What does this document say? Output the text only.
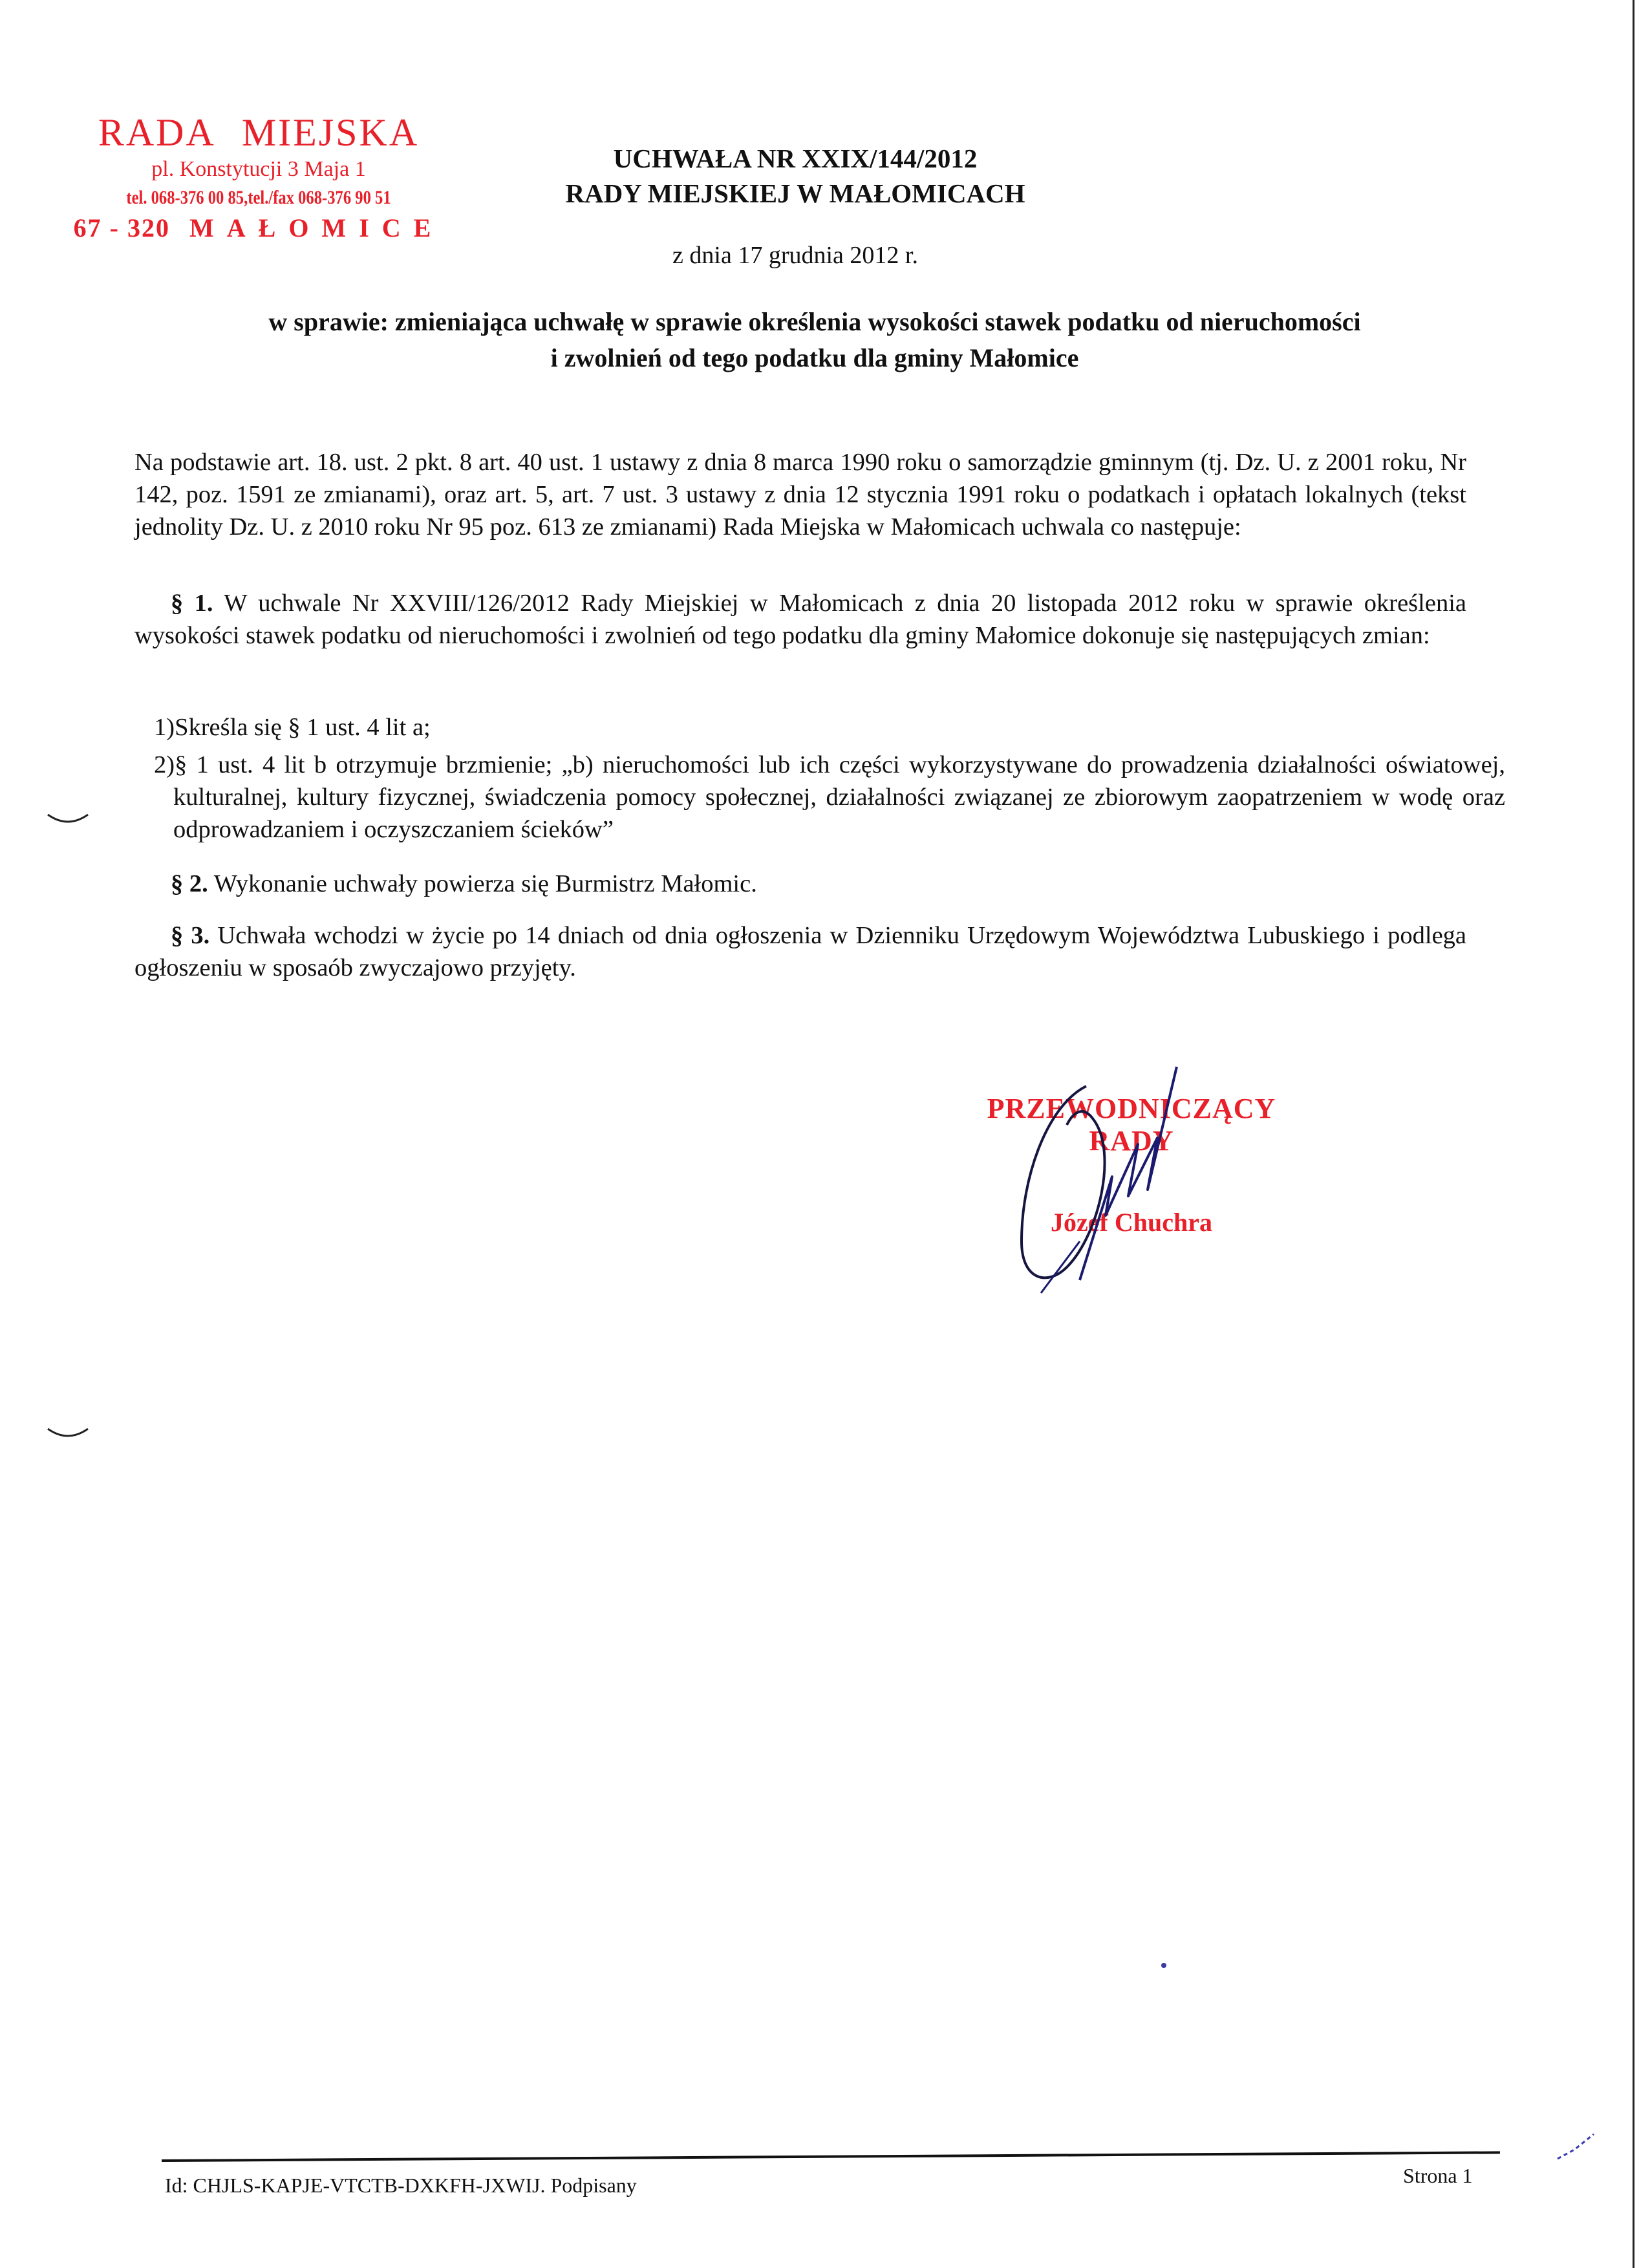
RADA MIEJSKA
pl. Konstytucji 3 Maja 1
tel. 068-376 00 85,tel./fax 068-376 90 51
67 - 320 MAŁOMICE
UCHWAŁA NR XXIX/144/2012
RADY MIEJSKIEJ W MAŁOMICACH
z dnia 17 grudnia 2012 r.
w sprawie: zmieniająca uchwałę w sprawie określenia wysokości stawek podatku od nieruchomości
i zwolnień od tego podatku dla gminy Małomice
Na podstawie art. 18. ust. 2 pkt. 8 art. 40 ust. 1 ustawy z dnia 8 marca 1990 roku o samorządzie gminnym (tj. Dz. U. z 2001 roku, Nr 142, poz. 1591 ze zmianami), oraz art. 5, art. 7 ust. 3 ustawy z dnia 12 stycznia 1991 roku o podatkach i opłatach lokalnych (tekst jednolity Dz. U. z 2010 roku Nr 95 poz. 613 ze zmianami) Rada Miejska w Małomicach uchwala co następuje:
§ 1. W uchwale Nr XXVIII/126/2012 Rady Miejskiej w Małomicach z dnia 20 listopada 2012 roku w sprawie określenia wysokości stawek podatku od nieruchomości i zwolnień od tego podatku dla gminy Małomice dokonuje się następujących zmian:
1)Skreśla się § 1 ust. 4 lit a;
2)§ 1 ust. 4 lit b otrzymuje brzmienie; „b) nieruchomości lub ich części wykorzystywane do prowadzenia działalności oświatowej, kulturalnej, kultury fizycznej, świadczenia pomocy społecznej, działalności związanej ze zbiorowym zaopatrzeniem w wodę oraz odprowadzaniem i oczyszczaniem ścieków”
§ 2. Wykonanie uchwały powierza się Burmistrz Małomic.
§ 3. Uchwała wchodzi w życie po 14 dniach od dnia ogłoszenia w Dzienniku Urzędowym Województwa Lubuskiego i podlega ogłoszeniu w sposaób zwyczajowo przyjęty.
PRZEWODNICZĄCY
RADY
Józef Chuchra
Id: CHJLS-KAPJE-VTCTB-DXKFH-JXWIJ. Podpisany	Strona 1
